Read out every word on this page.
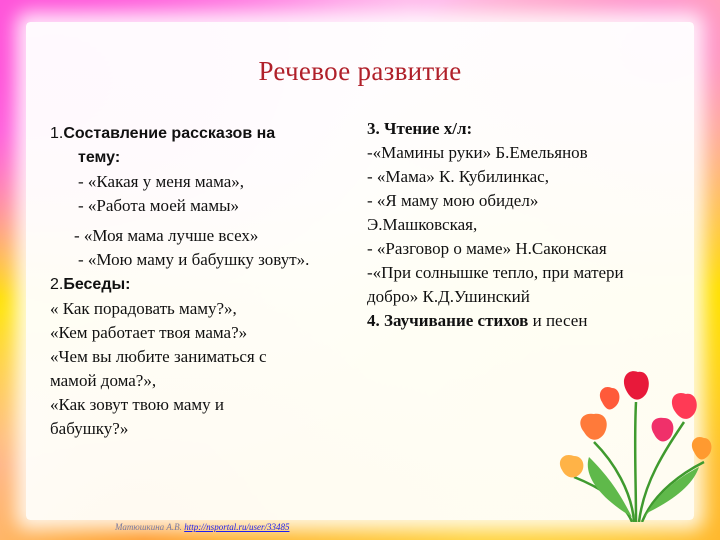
Речевое развитие
1.Составление рассказов на
тему:
- «Какая у меня мама»,
- «Работа моей мамы»
- «Моя мама лучше всех»
- «Мою маму и бабушку зовут».
2.Беседы:
« Как порадовать маму?»,
«Кем работает твоя мама?»
«Чем вы любите заниматься с
мамой дома?»,
«Как зовут твою маму и
бабушку?»
3. Чтение х/л:
-«Мамины руки» Б.Емельянов
- «Мама» К. Кубилинкас,
- «Я маму мою обидел»
Э.Машковская,
- «Разговор о маме» Н.Саконская
-«При солнышке тепло, при матери
добро» К.Д.Ушинский
4. Заучивание стихов и песен
Матюшкина А.В. http://nsportal.ru/user/33485
